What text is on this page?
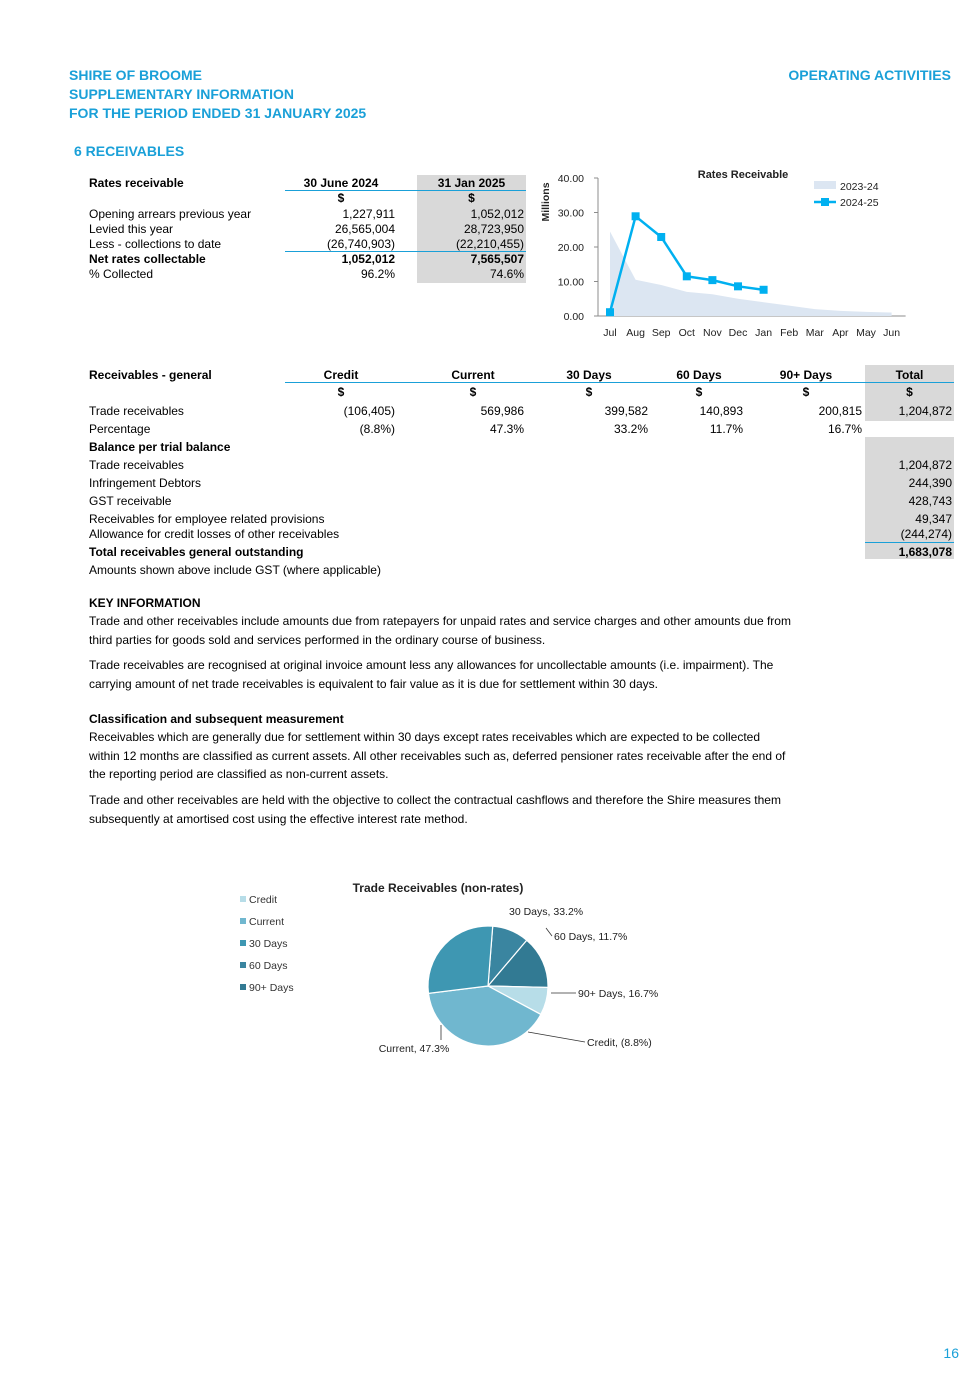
SHIRE OF BROOME
SUPPLEMENTARY INFORMATION
FOR THE PERIOD ENDED 31 JANUARY 2025
OPERATING ACTIVITIES
6 RECEIVABLES
Rates receivable	30 June 2024	31 Jan 2025
$	$
Opening arrears previous year	1,227,911	1,052,012
Levied this year	26,565,004	28,723,950
Less - collections to date	(26,740,903)	(22,210,455)
Net rates collectable	1,052,012	7,565,507
% Collected	96.2%	74.6%
0.00
10.00
20.00
30.00
40.00
Millions
Jul Aug Sep Oct Nov Dec Jan Feb Mar Apr May Jun
Rates Receivable
2023-24
2024-25
Receivables - general	Credit	Current	30 Days	60 Days	90+ Days	Total
$	$	$	$	$	$
Trade receivables	(106,405)	569,986	399,582	140,893	200,815	1,204,872
Percentage	(8.8%)	47.3%	33.2%	11.7%	16.7%
Balance per trial balance
Trade receivables	1,204,872
Infringement Debtors	244,390
GST receivable	428,743
Receivables for employee related provisions	49,347
Allowance for credit losses of other receivables	(244,274)
Total receivables general outstanding	1,683,078
Amounts shown above include GST (where applicable)
KEY INFORMATION
Trade and other receivables include amounts due from ratepayers for unpaid rates and service charges and other amounts due from third parties for goods sold and services performed in the ordinary course of business.
Trade receivables are recognised at original invoice amount less any allowances for uncollectable amounts (i.e. impairment). The carrying amount of net trade receivables is equivalent to fair value as it is due for settlement within 30 days.
Classification and subsequent measurement
Receivables which are generally due for settlement within 30 days except rates receivables which are expected to be collected within 12 months are classified as current assets. All other receivables such as, deferred pensioner rates receivable after the end of the reporting period are classified as non-current assets.
Trade and other receivables are held with the objective to collect the contractual cashflows and therefore the Shire measures them subsequently at amortised cost using the effective interest rate method.
Trade Receivables (non-rates)
30 Days, 33.2%
60 Days, 11.7%
90+ Days, 16.7%
Credit, (8.8%)
Current, 47.3%
Credit
Current
30 Days
60 Days
90+ Days
16
